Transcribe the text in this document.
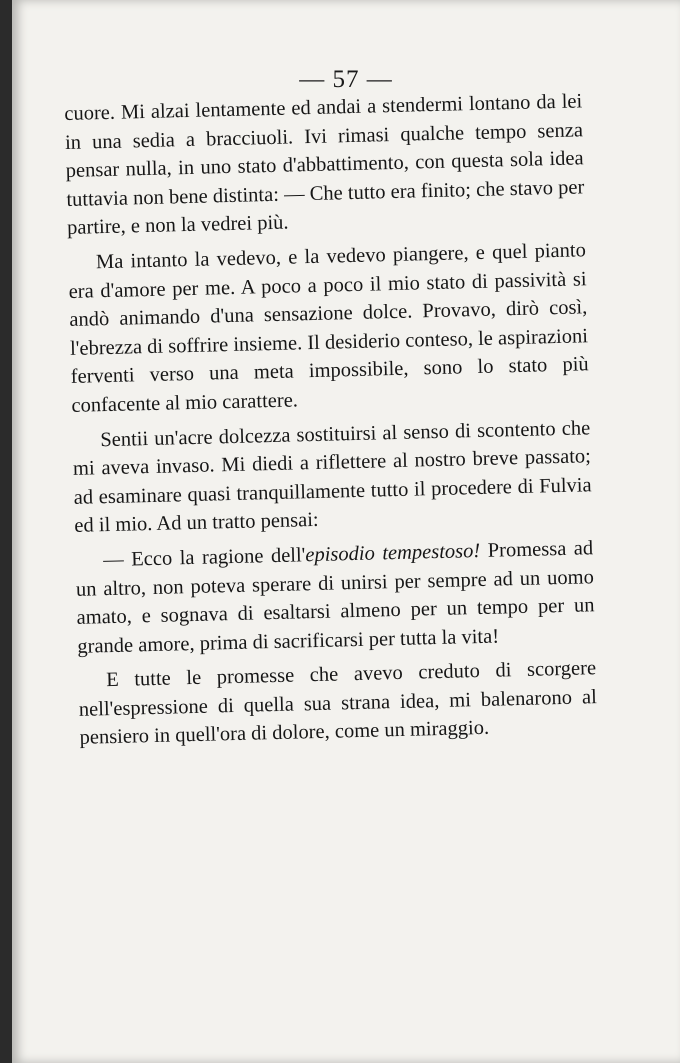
— 57 —

cuore. Mi alzai lentamente ed andai a stendermi lontano da lei in una sedia a bracciuoli. Ivi rimasi qualche tempo senza pensar nulla, in uno stato d'abbattimento, con questa sola idea tuttavia non bene distinta: — Che tutto era finito; che stavo per partire, e non la vedrei più.

Ma intanto la vedevo, e la vedevo piangere, e quel pianto era d'amore per me. A poco a poco il mio stato di passività si andò animando d'una sensazione dolce. Provavo, dirò così, l'ebrezza di soffrire insieme. Il desiderio conteso, le aspirazioni ferventi verso una meta impossibile, sono lo stato più confacente al mio carattere.

Sentii un'acre dolcezza sostituirsi al senso di scontento che mi aveva invaso. Mi diedi a riflettere al nostro breve passato; ad esaminare quasi tranquillamente tutto il procedere di Fulvia ed il mio. Ad un tratto pensai:

— Ecco la ragione dell'episodio tempestoso! Promessa ad un altro, non poteva sperare di unirsi per sempre ad un uomo amato, e sognava di esaltarsi almeno per un tempo per un grande amore, prima di sacrificarsi per tutta la vita!

E tutte le promesse che avevo creduto di scorgere nell'espressione di quella sua strana idea, mi balenarono al pensiero in quell'ora di dolore, come un miraggio.
